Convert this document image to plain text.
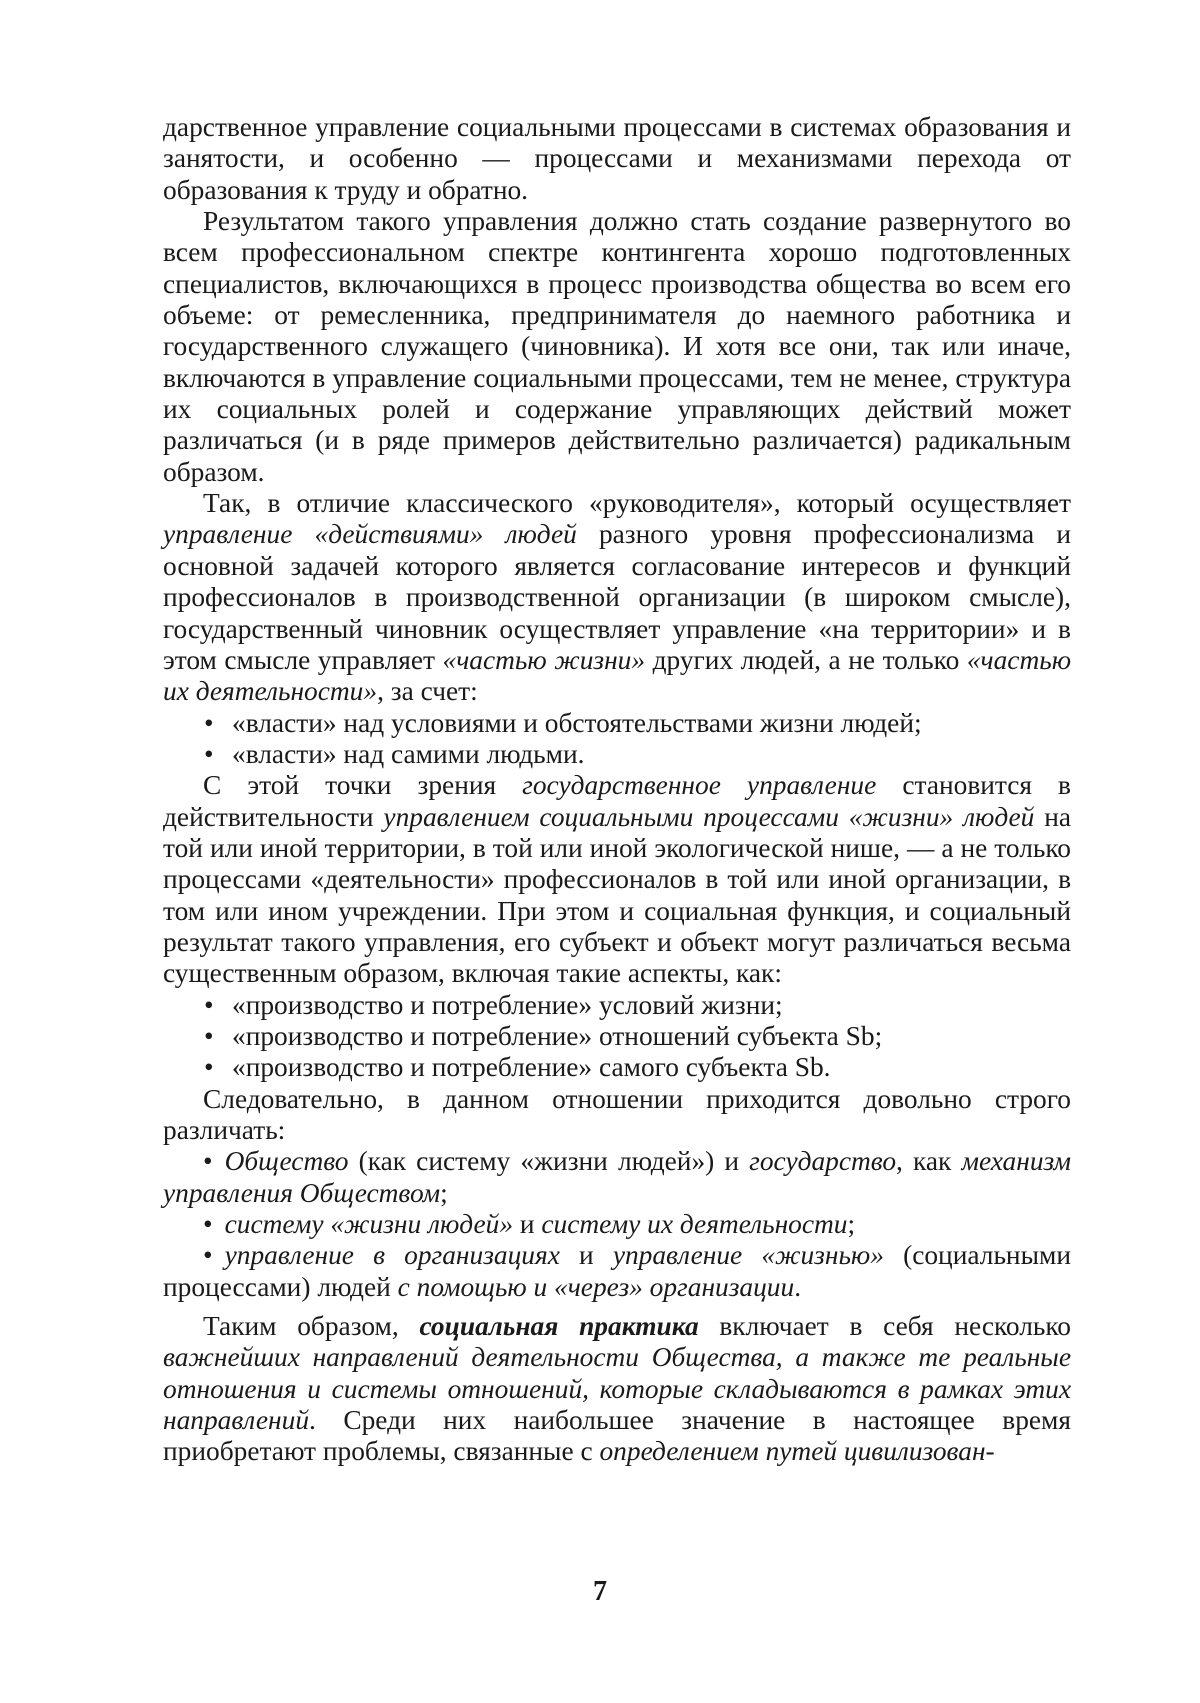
дарственное управление социальными процессами в системах образования и занятости, и особенно — процессами и механизмами перехода от образования к труду и обратно.

Результатом такого управления должно стать создание развернутого во всем профессиональном спектре контингента хорошо подготовленных специалистов, включающихся в процесс производства общества во всем его объеме: от ремесленника, предпринимателя до наемного работника и государственного служащего (чиновника). И хотя все они, так или иначе, включаются в управление социальными процессами, тем не менее, структура их социальных ролей и содержание управляющих действий может различаться (и в ряде примеров действительно различается) радикальным образом.

Так, в отличие классического «руководителя», который осуществляет управление «действиями» людей разного уровня профессионализма и основной задачей которого является согласование интересов и функций профессионалов в производственной организации (в широком смысле), государственный чиновник осуществляет управление «на территории» и в этом смысле управляет «частью жизни» других людей, а не только «частью их деятельности», за счет:

• «власти» над условиями и обстоятельствами жизни людей;
• «власти» над самими людьми.

С этой точки зрения государственное управление становится в действительности управлением социальными процессами «жизни» людей на той или иной территории, в той или иной экологической нише, — а не только процессами «деятельности» профессионалов в той или иной организации, в том или ином учреждении. При этом и социальная функция, и социальный результат такого управления, его субъект и объект могут различаться весьма существенным образом, включая такие аспекты, как:

• «производство и потребление» условий жизни;
• «производство и потребление» отношений субъекта Sb;
• «производство и потребление» самого субъекта Sb.

Следовательно, в данном отношении приходится довольно строго различать:

• Общество (как систему «жизни людей») и государство, как механизм управления Обществом;
• систему «жизни людей» и систему их деятельности;
• управление в организациях и управление «жизнью» (социальными процессами) людей с помощью и «через» организации.

Таким образом, социальная практика включает в себя несколько важнейших направлений деятельности Общества, а также те реальные отношения и системы отношений, которые складываются в рамках этих направлений. Среди них наибольшее значение в настоящее время приобретают проблемы, связанные с определением путей цивилизован-

7
